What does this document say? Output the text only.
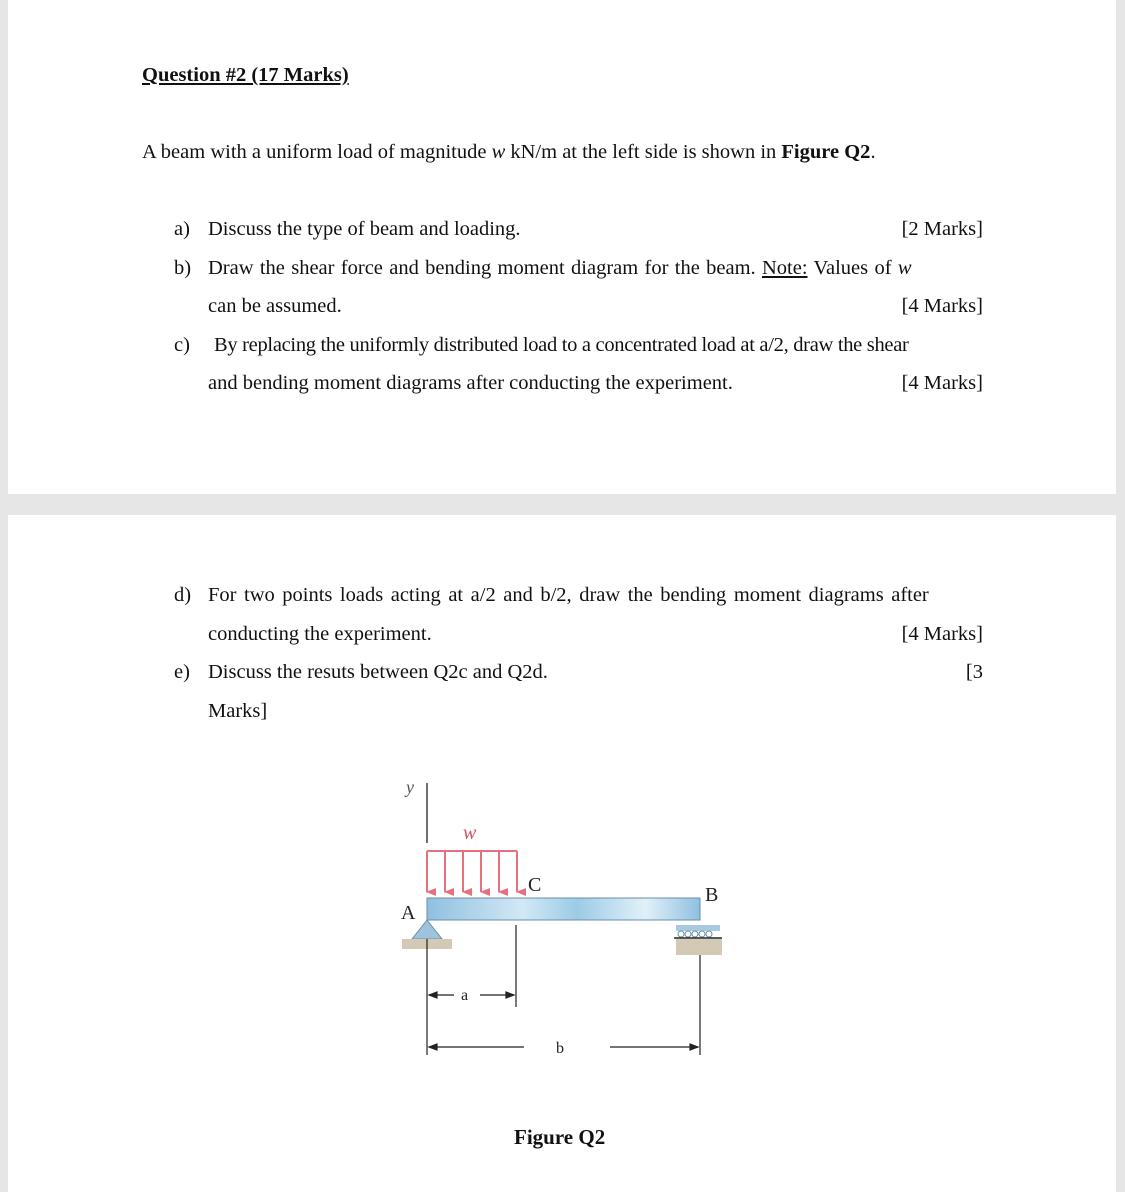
Question #2 (17 Marks)
A beam with a uniform load of magnitude w kN/m at the left side is shown in Figure Q2.
a) Discuss the type of beam and loading.	[2 Marks]
b) Draw the shear force and bending moment diagram for the beam. Note: Values of w
can be assumed.	[4 Marks]
c) By replacing the uniformly distributed load to a concentrated load at a/2, draw the shear
and bending moment diagrams after conducting the experiment.	[4 Marks]
d) For two points loads acting at a/2 and b/2, draw the bending moment diagrams after
conducting the experiment.	[4 Marks]
e) Discuss the resuts between Q2c and Q2d.	[3
Marks]
y
w
C
A
B
a
b
Figure Q2
